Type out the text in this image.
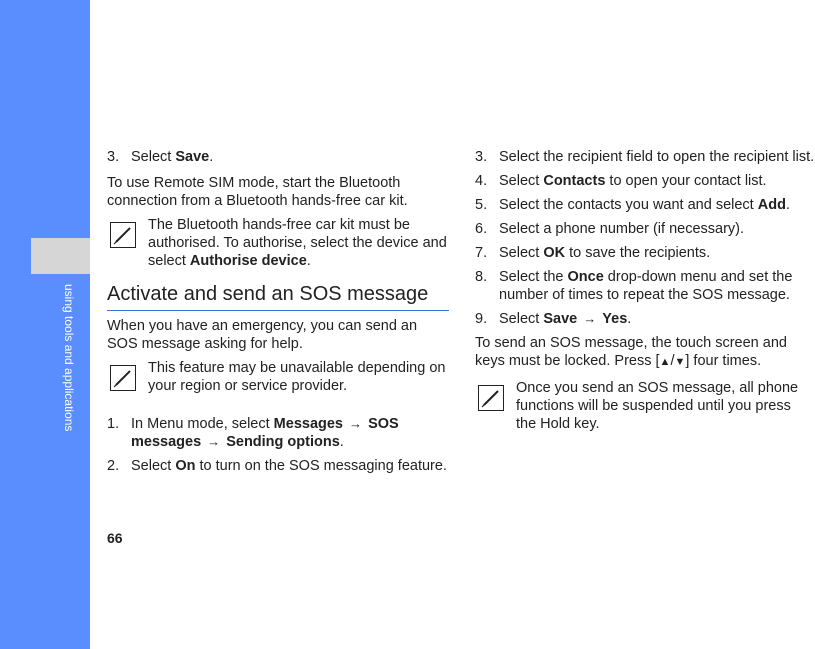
using tools and applications

3. Select Save.

To use Remote SIM mode, start the Bluetooth connection from a Bluetooth hands-free car kit.

The Bluetooth hands-free car kit must be authorised. To authorise, select the device and select Authorise device.
Activate and send an SOS message

When you have an emergency, you can send an SOS message asking for help.

This feature may be unavailable depending on your region or service provider.

1. In Menu mode, select Messages → SOS messages → Sending options.

2. Select On to turn on the SOS messaging feature.

3. Select the recipient field to open the recipient list.

4. Select Contacts to open your contact list.

5. Select the contacts you want and select Add.

6. Select a phone number (if necessary).

7. Select OK to save the recipients.

8. Select the Once drop-down menu and set the number of times to repeat the SOS message.

9. Select Save → Yes.

To send an SOS message, the touch screen and keys must be locked. Press [▲/▼] four times.

Once you send an SOS message, all phone functions will be suspended until you press the Hold key.
66
